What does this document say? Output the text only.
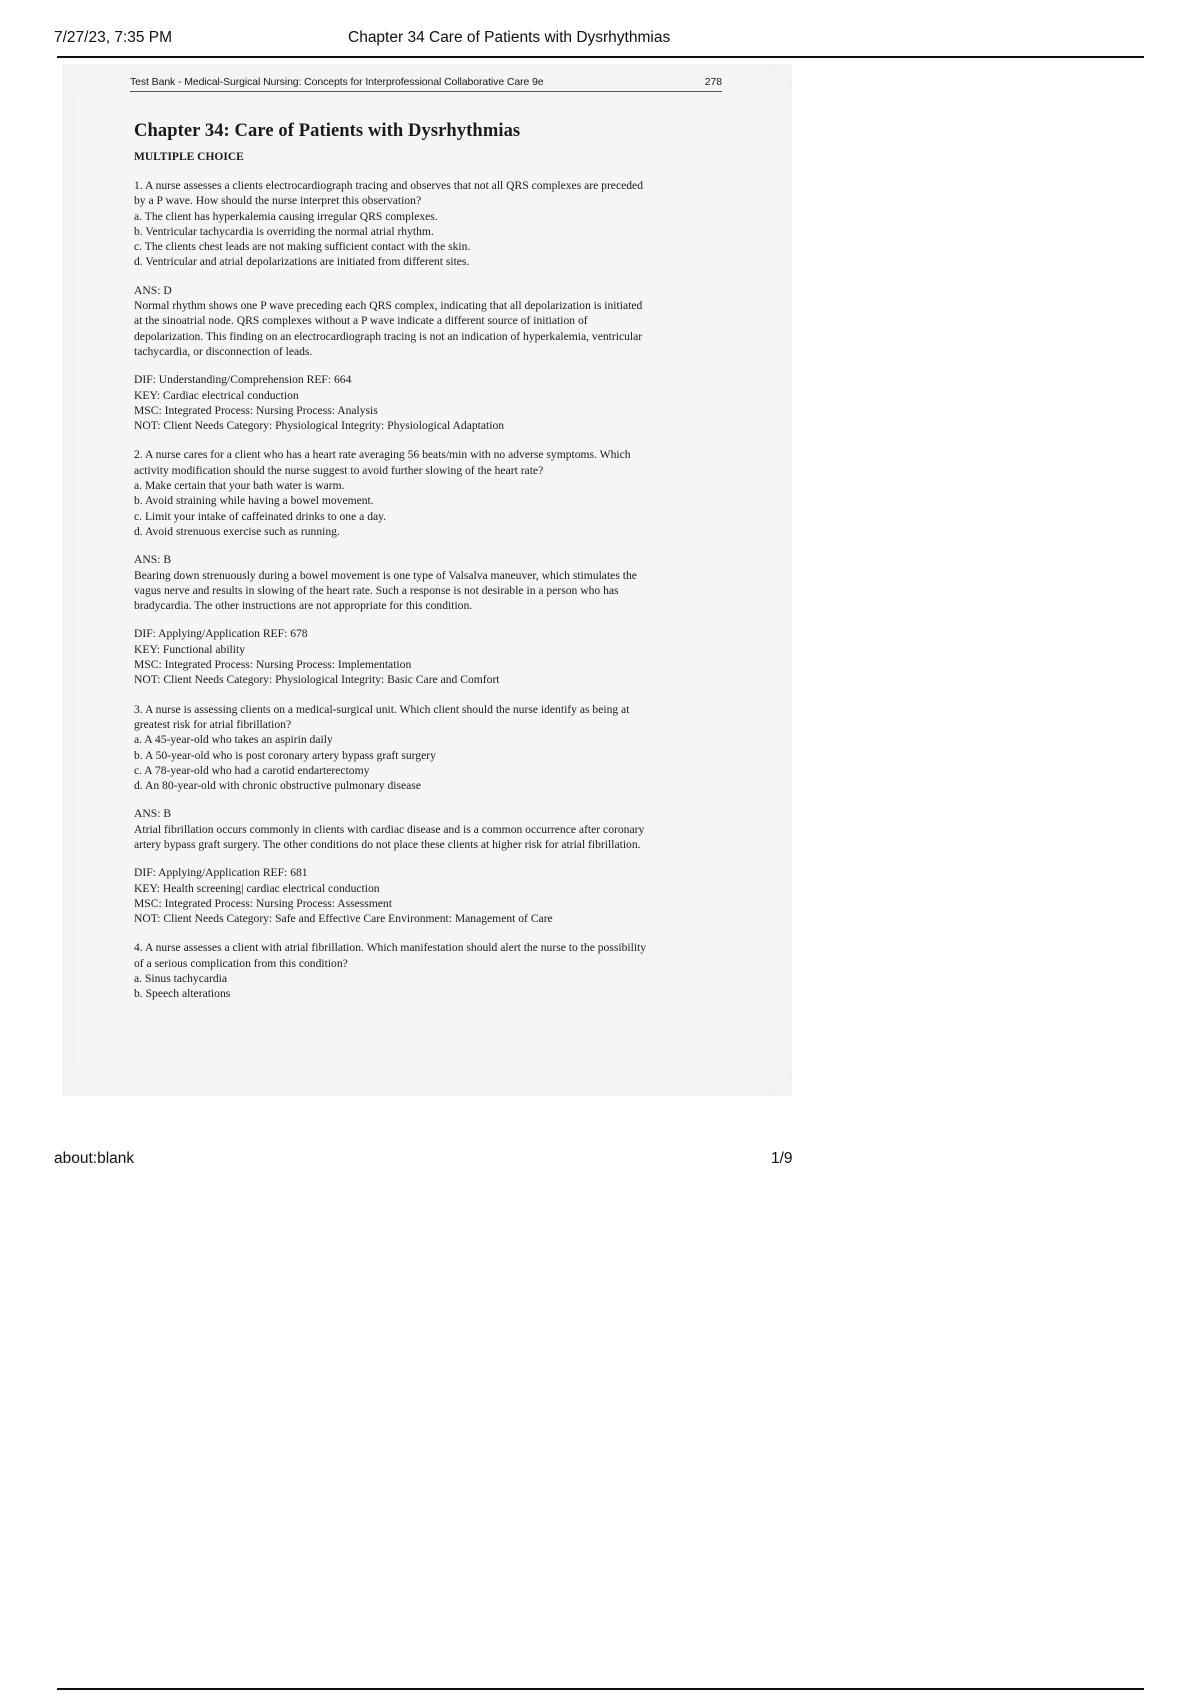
7/27/23, 7:35 PM	Chapter 34 Care of Patients with Dysrhythmias
Test Bank - Medical-Surgical Nursing: Concepts for Interprofessional Collaborative Care 9e	278
Chapter 34: Care of Patients with Dysrhythmias
MULTIPLE CHOICE

1. A nurse assesses a clients electrocardiograph tracing and observes that not all QRS complexes are preceded

by a P wave. How should the nurse interpret this observation?

a. The client has hyperkalemia causing irregular QRS complexes.

b. Ventricular tachycardia is overriding the normal atrial rhythm.

c. The clients chest leads are not making sufficient contact with the skin.

d. Ventricular and atrial depolarizations are initiated from different sites.

ANS: D

Normal rhythm shows one P wave preceding each QRS complex, indicating that all depolarization is initiated

at the sinoatrial node. QRS complexes without a P wave indicate a different source of initiation of

depolarization. This finding on an electrocardiograph tracing is not an indication of hyperkalemia, ventricular

tachycardia, or disconnection of leads.

DIF: Understanding/Comprehension REF: 664

KEY: Cardiac electrical conduction

MSC: Integrated Process: Nursing Process: Analysis

NOT: Client Needs Category: Physiological Integrity: Physiological Adaptation

2. A nurse cares for a client who has a heart rate averaging 56 beats/min with no adverse symptoms. Which

activity modification should the nurse suggest to avoid further slowing of the heart rate?

a. Make certain that your bath water is warm.

b. Avoid straining while having a bowel movement.

c. Limit your intake of caffeinated drinks to one a day.

d. Avoid strenuous exercise such as running.

ANS: B

Bearing down strenuously during a bowel movement is one type of Valsalva maneuver, which stimulates the

vagus nerve and results in slowing of the heart rate. Such a response is not desirable in a person who has

bradycardia. The other instructions are not appropriate for this condition.

DIF: Applying/Application REF: 678

KEY: Functional ability

MSC: Integrated Process: Nursing Process: Implementation

NOT: Client Needs Category: Physiological Integrity: Basic Care and Comfort

3. A nurse is assessing clients on a medical-surgical unit. Which client should the nurse identify as being at

greatest risk for atrial fibrillation?

a. A 45-year-old who takes an aspirin daily

b. A 50-year-old who is post coronary artery bypass graft surgery

c. A 78-year-old who had a carotid endarterectomy

d. An 80-year-old with chronic obstructive pulmonary disease

ANS: B

Atrial fibrillation occurs commonly in clients with cardiac disease and is a common occurrence after coronary

artery bypass graft surgery. The other conditions do not place these clients at higher risk for atrial fibrillation.

DIF: Applying/Application REF: 681

KEY: Health screening| cardiac electrical conduction

MSC: Integrated Process: Nursing Process: Assessment

NOT: Client Needs Category: Safe and Effective Care Environment: Management of Care

4. A nurse assesses a client with atrial fibrillation. Which manifestation should alert the nurse to the possibility

of a serious complication from this condition?

a. Sinus tachycardia

b. Speech alterations

about:blank	1/9
